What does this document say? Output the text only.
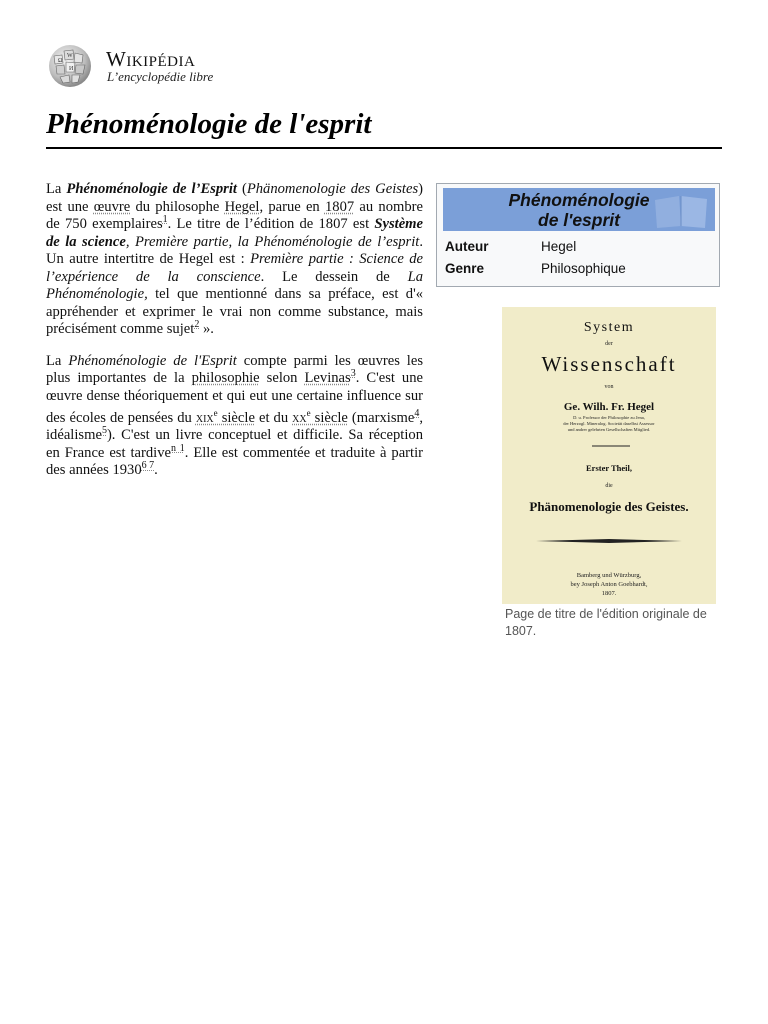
Ω
W
И Wikipédia
L’encyclopédie libre
Phénoménologie de l'esprit

La Phénoménologie de l’Esprit (Phänomenologie des Geistes) est une œuvre du philosophe Hegel, parue en 1807 au nombre de 750 exemplaires$^1$. Le titre de l’édition de 1807 est Système de la science, Première partie, la Phénoménologie de l’esprit. Un autre intertitre de Hegel est : Première partie : Science de l’expérience de la conscience. Le dessein de La Phénoménologie, tel que mentionné dans sa préface, est d'« appréhender et exprimer le vrai non comme substance, mais précisément comme sujet$^2$ ».

La Phénoménologie de l'Esprit compte parmi les œuvres les plus importantes de la philosophie selon Levinas$^3$. C'est une œuvre dense théoriquement et qui eut une certaine influence sur des écoles de pensées du xix$^e$ siècle et du $xx^e$ siècle (marxisme$^4$, idéalisme$^5$). C'est un livre conceptuel et difficile. Sa réception en France est tardive$^{n 1}$. Elle est commentée et traduite à partir des années $1930^{6 7}$.

Phénoménologie
de l'esprit
Auteur	Hegel
Genre	Philosophique
System
der
Wissenschaft
von
Ge. Wilh. Fr. Hegel
D. u. Professor der Philosophie zu Jena,
der Herzogl. Mineralog. Societät daselbst Assessor
und andrer gelehrten Gesellschaften Mitglied.
Erster Theil,
die
Phänomenologie des Geistes.
Bamberg und Würzburg,
bey Joseph Anton Goebhardt,
1807.
Page de titre de l'édition originale de 1807.
